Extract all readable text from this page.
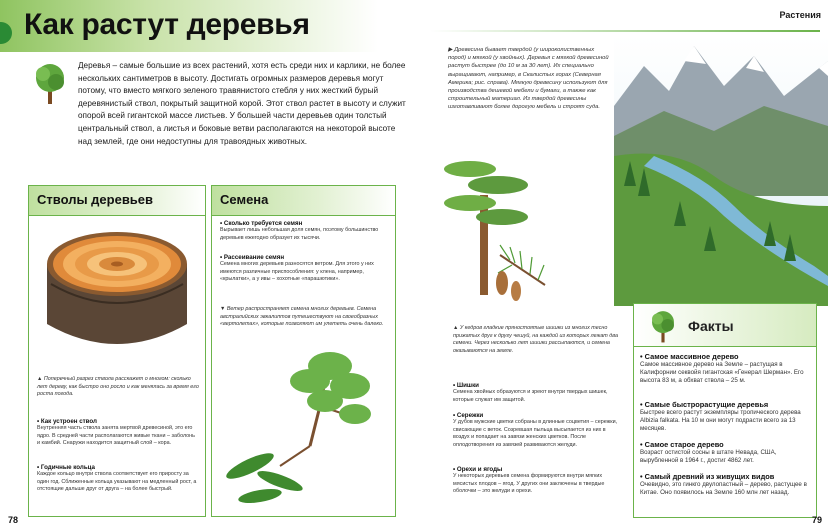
Как растут деревья
Деревья – самые большие из всех растений, хотя есть среди них и карлики, не более нескольких сантиметров в высоту. Достигать огромных размеров деревья могут потому, что вместо мягкого зеленого травянистого стебля у них жесткий бурый деревянистый ствол, покрытый защитной корой. Этот ствол растет в высоту и служит опорой всей гигантской массе листьев. У большей части деревьев один толстый центральный ствол, а листья и боковые ветви располагаются на некоторой высоте над землей, где они недоступны для травоядных животных.
Растения
▶ Древесина бывает твердой (у широколиственных пород) и мягкой (у хвойных). Деревья с мягкой древесиной растут быстрее (до 10 м за 30 лет). Их специально выращивают, например, в Скалистых горах (Северная Америка; рис. справа). Мягкую древесину используют для производства дешевой мебели и бумаги, а также как строительный материал. Из твердой древесины изготавливают более дорогую мебель и строят суда.
Стволы деревьев
▲ Поперечный разрез ствола расскажет о многом: сколько лет дереву, как быстро оно росло и как менялась за время его роста погода.
• Как устроен ствол
Внутренняя часть ствола занята мертвой древесиной, это его ядро. В средней части располагаются живые ткани – заболонь и камбий. Снаружи находится защитный слой – кора.
• Годичные кольца
Каждое кольцо внутри ствола соответствует его приросту за один год. Сближенные кольца указывают на медленный рост, а отстоящие дальше друг от друга – на более быстрый.
Семена
• Сколько требуется семян
Вырывает лишь небольшая доля семян, поэтому большинство деревьев ежегодно образует их тысячи.
• Рассеивание семян
Семена многих деревьев разносятся ветром. Для этого у них имеются различные приспособления: у клена, например, «крылатки», а у ивы – хохотные «парашютики».
▼ Ветер распространяет семена многих деревьев. Семена австралийских эвкалиптов путешествуют на своеобразных «вертолетах», которые позволяют им улететь очень далеко.
▲ У кедров гладкие пряностоятые шишки из многих тесно прижатых друг к другу чешуй, на каждой из которых лежат два семени. Через несколько лет шишки рассыпаются, и семена оказываются на земле.
• Шишки
Семена хвойных образуются и зреют внутри твердых шишек, которые служат им защитой.
• Сережки
У дубов мужские цветки собраны в длинные соцветия – сережки, свисающие с веток. Созревшая пыльца высыпается из них в воздух и попадает на завязи женских цветков. После оплодотворения из завязей развиваются желуди.
• Орехи и ягоды
У некоторых деревьев семена формируются внутри мягких мясистых плодов – ягод. У других они заключены в твердые оболочки – это желуди и орехи.
Факты
• Самое массивное дерево
Самое массивное дерево на Земле – растущая в Калифорнии секвойя гигантская «Генерал Шерман». Его высота 83 м, а обхват ствола – 25 м.
• Самые быстрорастущие деревья
Быстрее всего растут экземпляры тропического дерева Albizia falkata. На 10 м они могут подрасти всего за 13 месяцев.
• Самое старое дерево
Возраст остистой сосны в штате Невада, США, вырубленной в 1964 г., достиг 4862 лет.
• Самый древний из живущих видов
Очевидно, это гинкго двулопастный – дерево, растущее в Китае. Оно появилось на Земле 160 млн лет назад.
78	79
